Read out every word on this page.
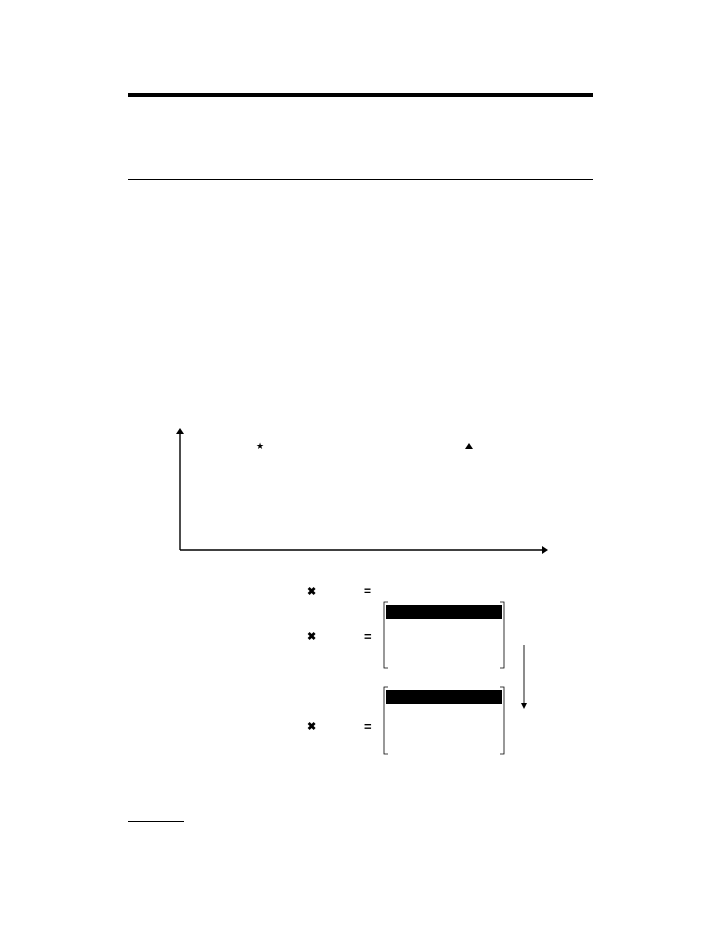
★
✖	=
✖	=
✖	=
